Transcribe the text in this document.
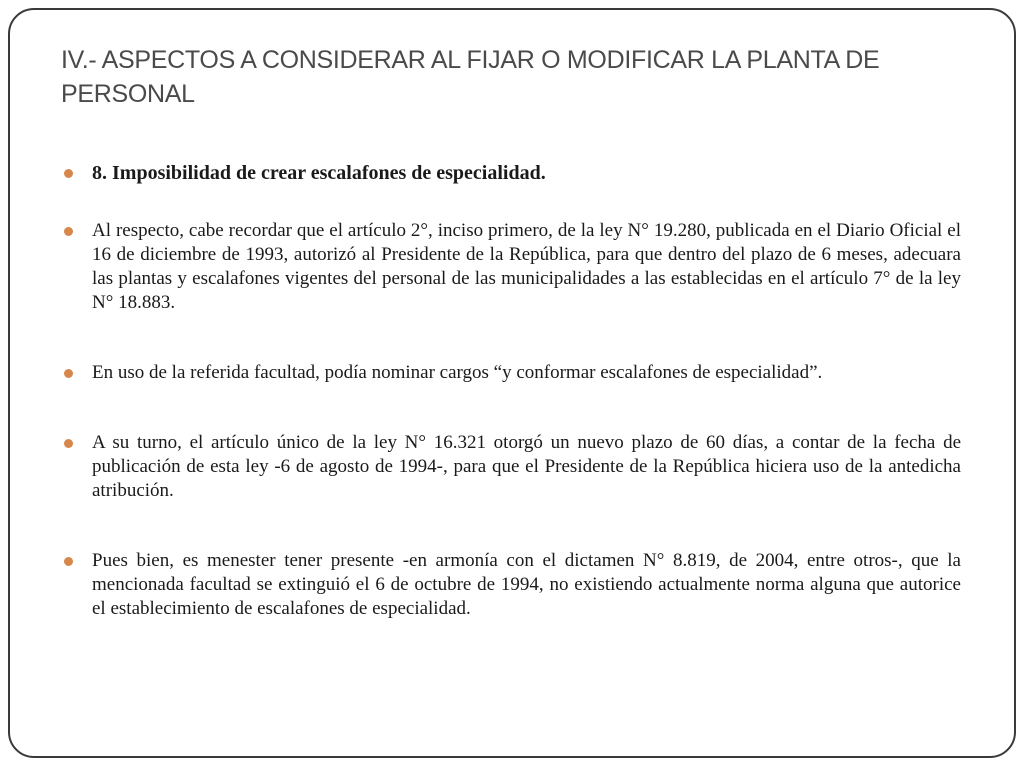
IV.- ASPECTOS A CONSIDERAR AL FIJAR O MODIFICAR LA PLANTA DE PERSONAL
8. Imposibilidad de crear escalafones de especialidad.
Al respecto, cabe recordar que el artículo 2°, inciso primero, de la ley N° 19.280, publicada en el Diario Oficial el 16 de diciembre de 1993, autorizó al Presidente de la República, para que dentro del plazo de 6 meses, adecuara las plantas y escalafones vigentes del personal de las municipalidades a las establecidas en el artículo 7° de la ley N° 18.883.
En uso de la referida facultad, podía nominar cargos “y conformar escalafones de especialidad”.
A su turno, el artículo único de la ley N° 16.321 otorgó un nuevo plazo de 60 días, a contar de la fecha de publicación de esta ley -6 de agosto de 1994-, para que el Presidente de la República hiciera uso de la antedicha atribución.
Pues bien, es menester tener presente -en armonía con el dictamen N° 8.819, de 2004, entre otros-, que la mencionada facultad se extinguió el 6 de octubre de 1994, no existiendo actualmente norma alguna que autorice el establecimiento de escalafones de especialidad.
